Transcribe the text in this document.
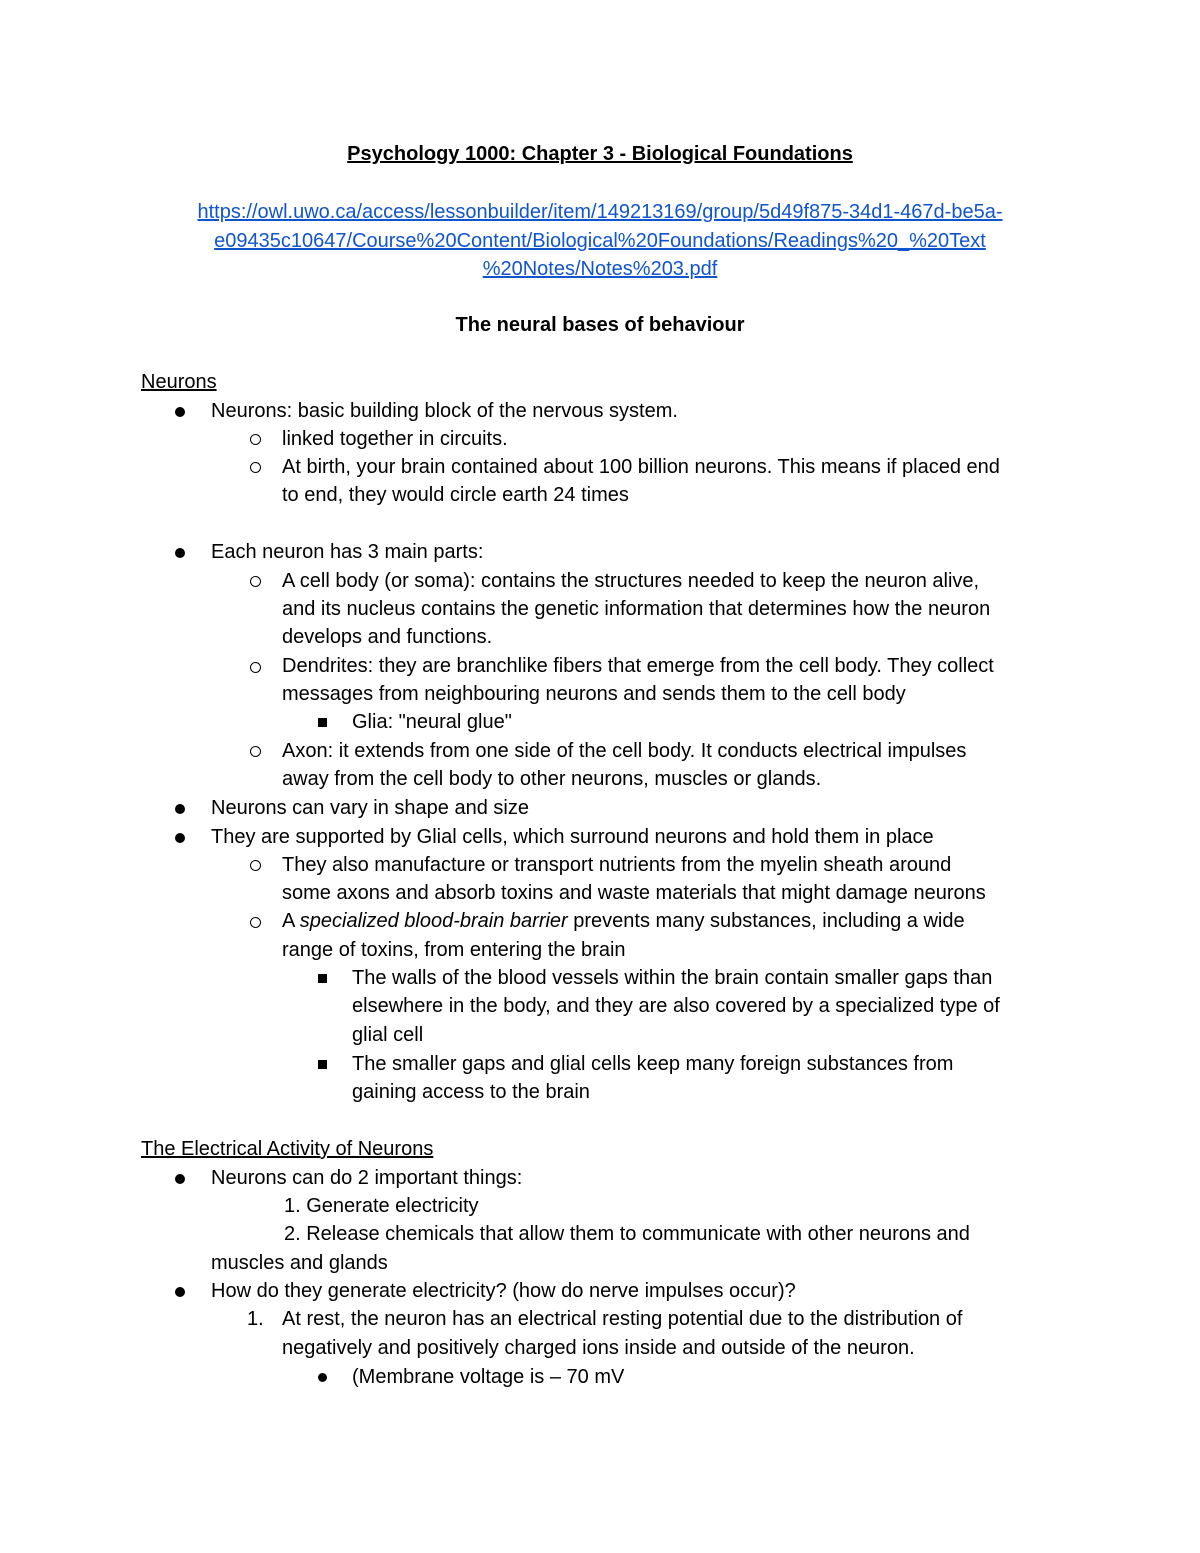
Psychology 1000: Chapter 3 - Biological Foundations
https://owl.uwo.ca/access/lessonbuilder/item/149213169/group/5d49f875-34d1-467d-be5a-
e09435c10647/Course%20Content/Biological%20Foundations/Readings%20_%20Text
%20Notes/Notes%203.pdf
The neural bases of behaviour
Neurons
Neurons: basic building block of the nervous system.
linked together in circuits.
At birth, your brain contained about 100 billion neurons. This means if placed end
to end, they would circle earth 24 times
Each neuron has 3 main parts:
A cell body (or soma): contains the structures needed to keep the neuron alive,
and its nucleus contains the genetic information that determines how the neuron
develops and functions.
Dendrites: they are branchlike fibers that emerge from the cell body. They collect
messages from neighbouring neurons and sends them to the cell body
Glia: "neural glue"
Axon: it extends from one side of the cell body. It conducts electrical impulses
away from the cell body to other neurons, muscles or glands.
Neurons can vary in shape and size
They are supported by Glial cells, which surround neurons and hold them in place
They also manufacture or transport nutrients from the myelin sheath around
some axons and absorb toxins and waste materials that might damage neurons
A specialized blood-brain barrier prevents many substances, including a wide
range of toxins, from entering the brain
The walls of the blood vessels within the brain contain smaller gaps than
elsewhere in the body, and they are also covered by a specialized type of
glial cell
The smaller gaps and glial cells keep many foreign substances from
gaining access to the brain
The Electrical Activity of Neurons
Neurons can do 2 important things:
1. Generate electricity
2. Release chemicals that allow them to communicate with other neurons and
muscles and glands
How do they generate electricity? (how do nerve impulses occur)?
1. At rest, the neuron has an electrical resting potential due to the distribution of
negatively and positively charged ions inside and outside of the neuron.
(Membrane voltage is – 70 mV
